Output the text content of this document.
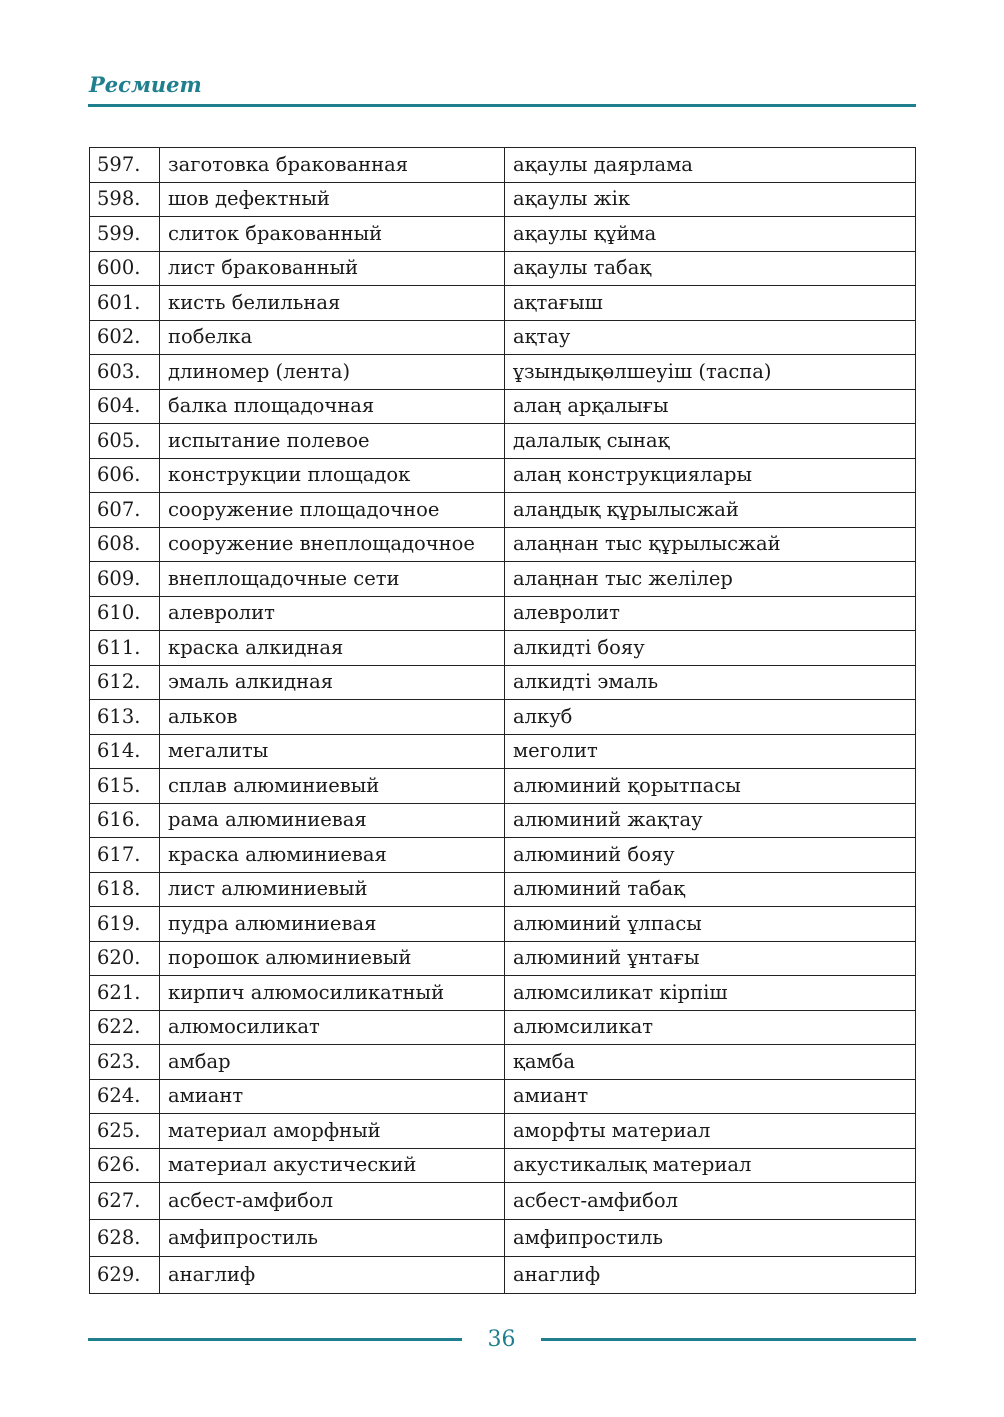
Ресмиет
597.	заготовка бракованная	ақаулы даярлама
598.	шов дефектный	ақаулы жік
599.	слиток бракованный	ақаулы құйма
600.	лист бракованный	ақаулы табақ
601.	кисть белильная	ақтағыш
602.	побелка	ақтау
603.	длиномер (лента)	ұзындықөлшеуіш (таспа)
604.	балка площадочная	алаң арқалығы
605.	испытание полевое	далалық сынақ
606.	конструкции площадок	алаң конструкциялары
607.	сооружение площадочное	алаңдық құрылысжай
608.	сооружение внеплощадочное	алаңнан тыс құрылысжай
609.	внеплощадочные сети	алаңнан тыс желілер
610.	алевролит	алевролит
611.	краска алкидная	алкидті бояу
612.	эмаль алкидная	алкидті эмаль
613.	альков	алкуб
614.	мегалиты	меголит
615.	сплав алюминиевый	алюминий қорытпасы
616.	рама алюминиевая	алюминий жақтау
617.	краска алюминиевая	алюминий бояу
618.	лист алюминиевый	алюминий табақ
619.	пудра алюминиевая	алюминий ұлпасы
620.	порошок алюминиевый	алюминий ұнтағы
621.	кирпич алюмосиликатный	алюмсиликат кірпіш
622.	алюмосиликат	алюмсиликат
623.	амбар	қамба
624.	амиант	амиант
625.	материал аморфный	аморфты материал
626.	материал акустический	акустикалық материал
627.	асбест-амфибол	асбест-амфибол
628.	амфипростиль	амфипростиль
629.	анаглиф	анаглиф
36
